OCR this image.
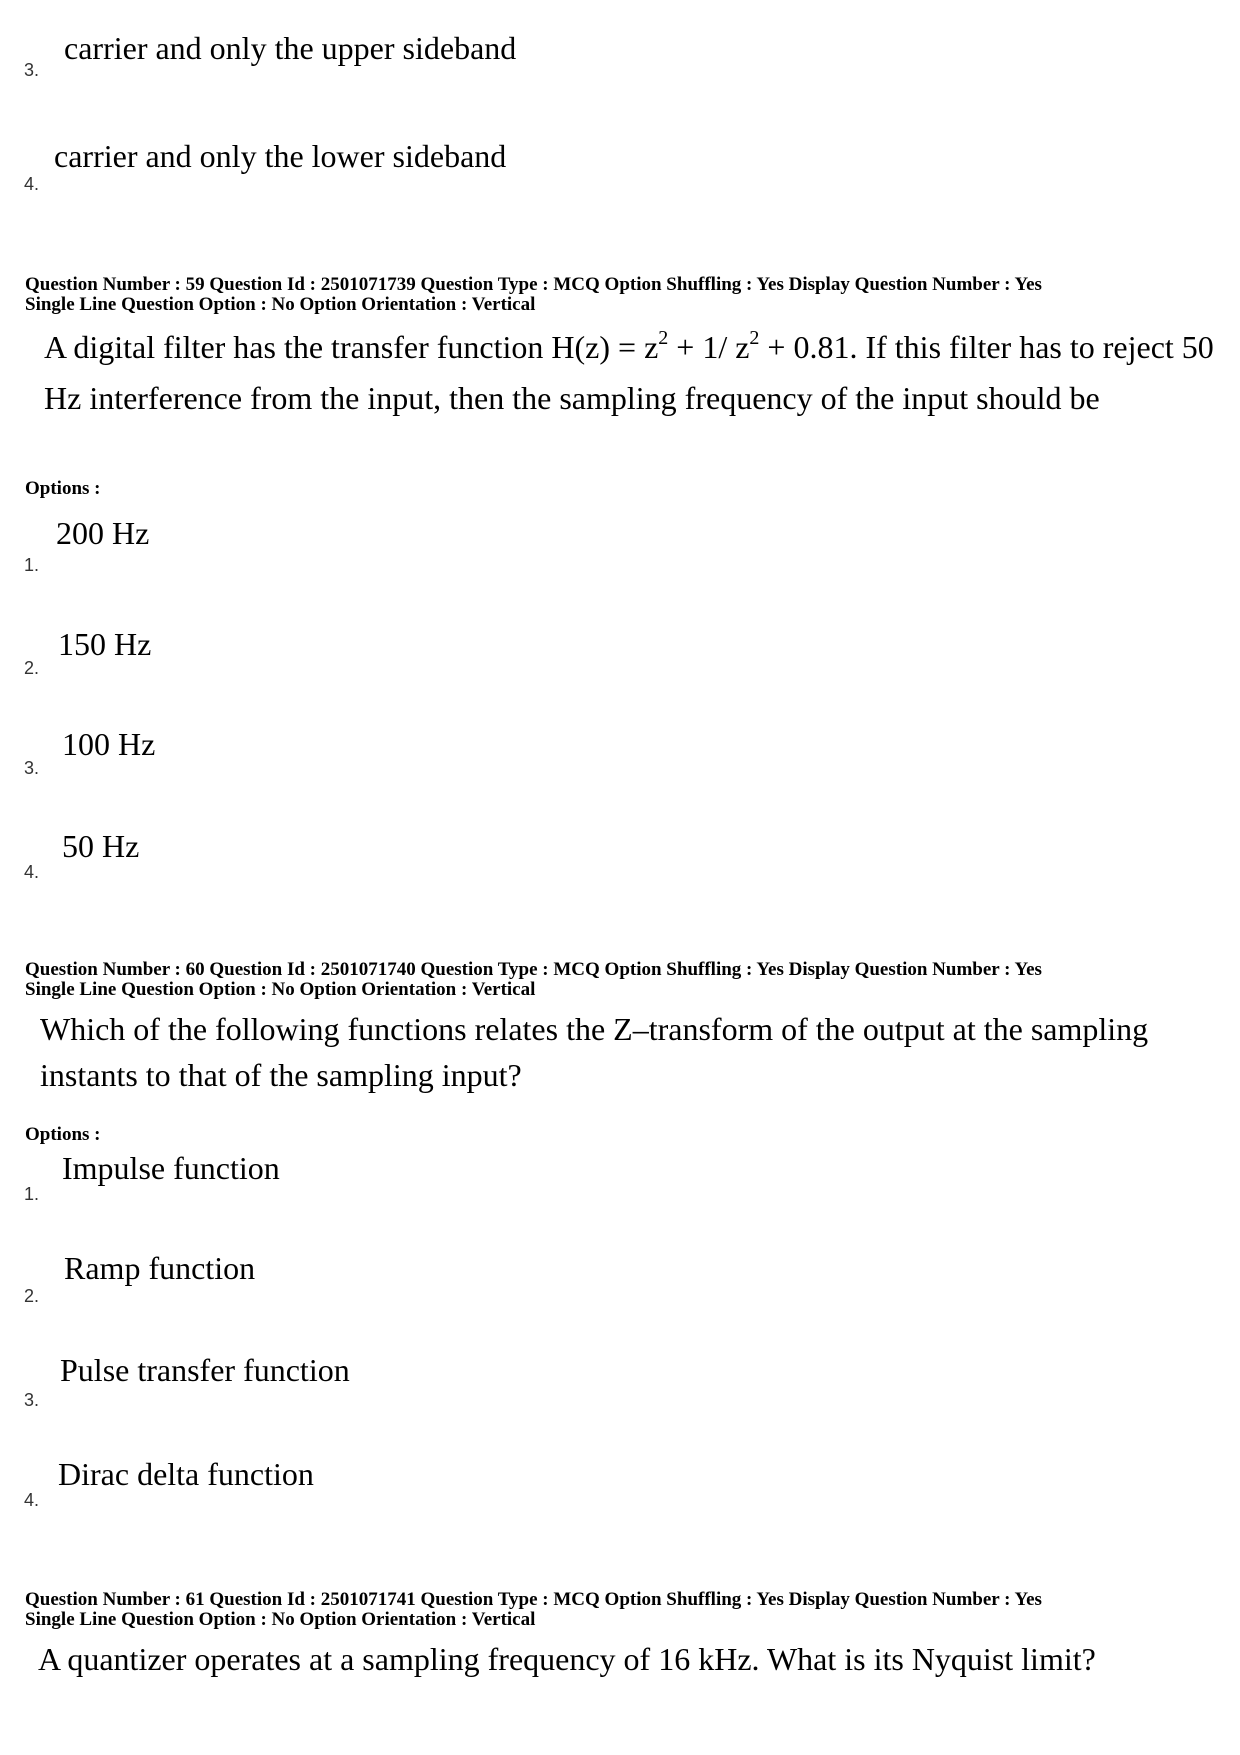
carrier and only the upper sideband
3.
carrier and only the lower sideband
4.
Question Number : 59 Question Id : 2501071739 Question Type : MCQ Option Shuffling : Yes Display Question Number : Yes
Single Line Question Option : No Option Orientation : Vertical
A digital filter has the transfer function $H(z) = z^2 + 1/$ $z^2 + 0.81$. If this filter has to reject 50 Hz interference from the input, then the sampling frequency of the input should be
Options :
200 Hz
1.
150 Hz
2.
100 Hz
3.
50 Hz
4.
Question Number : 60 Question Id : 2501071740 Question Type : MCQ Option Shuffling : Yes Display Question Number : Yes
Single Line Question Option : No Option Orientation : Vertical
Which of the following functions relates the Z–transform of the output at the sampling instants to that of the sampling input?
Options :
Impulse function
1.
Ramp function
2.
Pulse transfer function
3.
Dirac delta function
4.
Question Number : 61 Question Id : 2501071741 Question Type : MCQ Option Shuffling : Yes Display Question Number : Yes
Single Line Question Option : No Option Orientation : Vertical
A quantizer operates at a sampling frequency of 16 kHz. What is its Nyquist limit?
